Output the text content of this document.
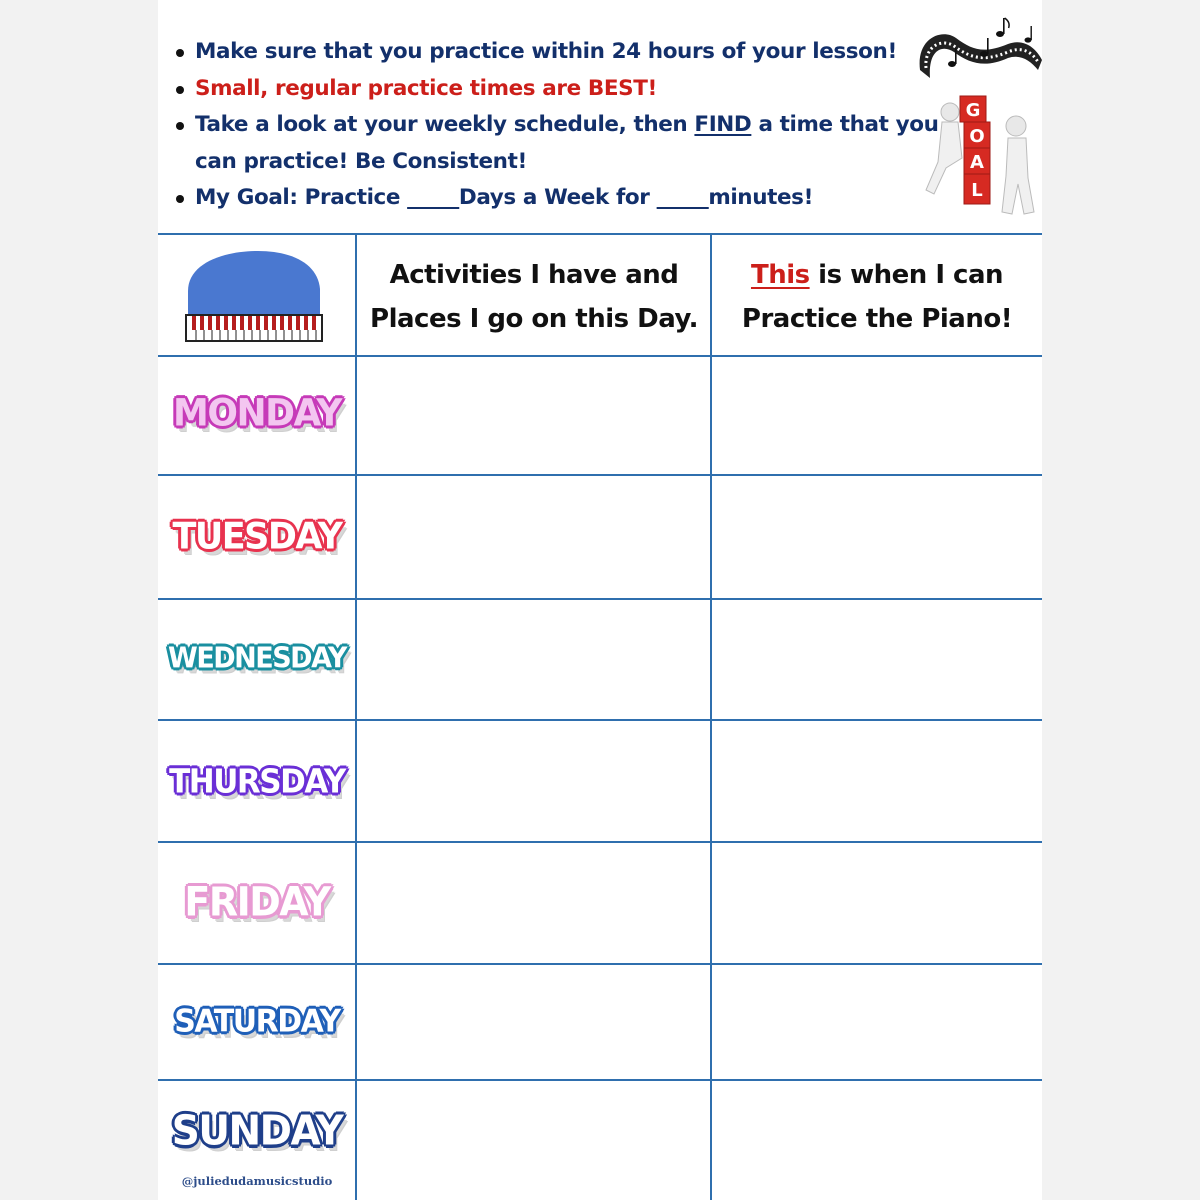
Make sure that you practice within 24 hours of your lesson!
Small, regular practice times are BEST!
Take a look at your weekly schedule, then FIND a time that you can practice! Be Consistent!
My Goal: Practice _____Days a Week for _____minutes!
G
O
A
L
Activities I have and Places I go on this Day.
This is when I can Practice the Piano!
MONDAY
TUESDAY
WEDNESDAY
THURSDAY
FRIDAY
SATURDAY
SUNDAY
@juliedudamusicstudio
